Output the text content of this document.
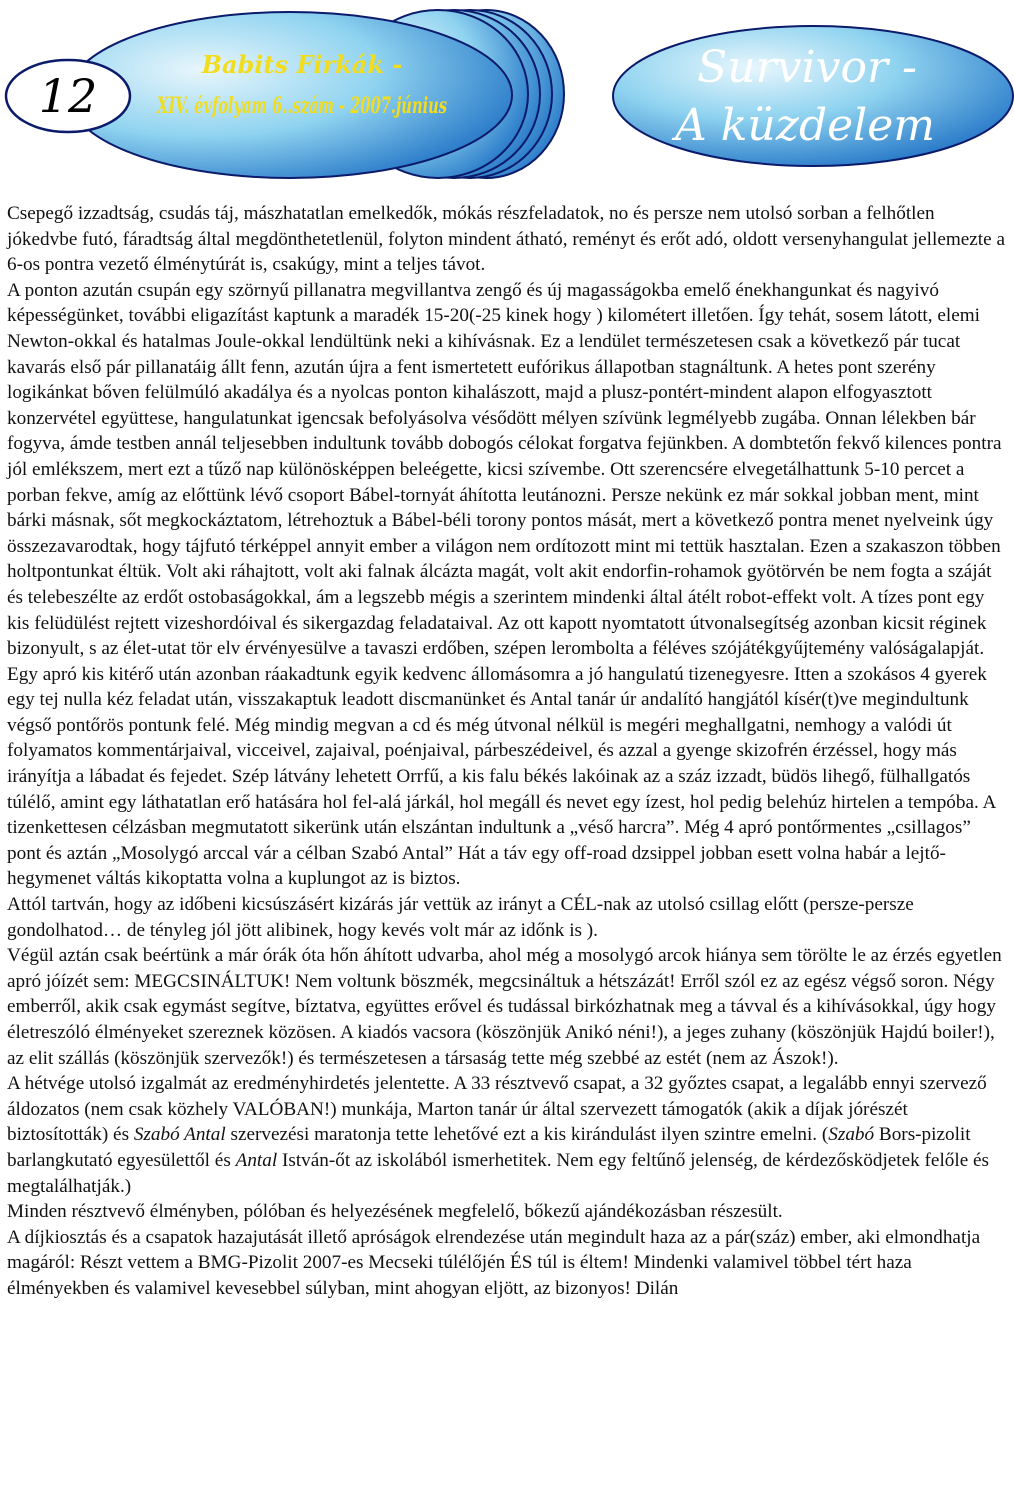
12
Babits Firkák -
XIV. évfolyam 6..szám - 2007.június
Survivor -
A küzdelem

Csepegő izzadtság, csudás táj, mászhatatlan emelkedők, mókás részfeladatok, no és persze nem utolsó sorban a felhőtlen jókedvbe futó, fáradtság által megdönthetetlenül, folyton mindent átható, reményt és erőt adó, oldott versenyhangulat jellemezte a 6-os pontra vezető élménytúrát is, csakúgy, mint a teljes távot.

A ponton azután csupán egy szörnyű pillanatra megvillantva zengő és új magasságokba emelő énekhangunkat és nagyivó képességünket, további eligazítást kaptunk a maradék 15-20(-25 kinek hogy ) kilométert illetően. Így tehát, sosem látott, elemi Newton-okkal és hatalmas Joule-okkal lendültünk neki a kihívásnak. Ez a lendület természetesen csak a következő pár tucat kavarás első pár pillanatáig állt fenn, azután újra a fent ismertetett eufórikus állapotban stagnáltunk. A hetes pont szerény logikánkat bőven felülmúló akadálya és a nyolcas ponton kihalászott, majd a plusz-pontért-mindent alapon elfogyasztott konzervétel együttese, hangulatunkat igencsak befolyásolva vésődött mélyen szívünk legmélyebb zugába. Onnan lélekben bár fogyva, ámde testben annál teljesebben indultunk tovább dobogós célokat forgatva fejünkben. A dombtetőn fekvő kilences pontra jól emlékszem, mert ezt a tűző nap különösképpen beleégette, kicsi szívembe. Ott szerencsére elvegetálhattunk 5-10 percet a porban fekve, amíg az előttünk lévő csoport Bábel-tornyát áhította leutánozni. Persze nekünk ez már sokkal jobban ment, mint bárki másnak, sőt megkockáztatom, létrehoztuk a Bábel-béli torony pontos mását, mert a következő pontra menet nyelveink úgy összezavarodtak, hogy tájfutó térképpel annyit ember a világon nem ordítozott mint mi tettük hasztalan. Ezen a szakaszon többen holtpontunkat éltük. Volt aki ráhajtott, volt aki falnak álcázta magát, volt akit endorfin-rohamok gyötörvén be nem fogta a száját és telebeszélte az erdőt ostobaságokkal, ám a legszebb mégis a szerintem mindenki által átélt robot-effekt volt. A tízes pont egy kis felüdülést rejtett vizeshordóival és sikergazdag feladataival. Az ott kapott nyomtatott útvonalsegítség azonban kicsit réginek bizonyult, s az élet-utat tör elv érvényesülve a tavaszi erdőben, szépen lerombolta a féléves szójátékgyűjtemény valóságalapját. Egy apró kis kitérő után azonban ráakadtunk egyik kedvenc állomásomra a jó hangulatú tizenegyesre. Itten a szokásos 4 gyerek egy tej nulla kéz feladat után, visszakaptuk leadott discmanünket és Antal tanár úr andalító hangjától kísér(t)ve megindultunk végső pontőrös pontunk felé. Még mindig megvan a cd és még útvonal nélkül is megéri meghallgatni, nemhogy a valódi út folyamatos kommentárjaival, vicceivel, zajaival, poénjaival, párbeszédeivel, és azzal a gyenge skizofrén érzéssel, hogy más irányítja a lábadat és fejedet. Szép látvány lehetett Orrfű, a kis falu békés lakóinak az a száz izzadt, büdös lihegő, fülhallgatós túlélő, amint egy láthatatlan erő hatására hol fel-alá járkál, hol megáll és nevet egy ízest, hol pedig belehúz hirtelen a tempóba. A tizenkettesen célzásban megmutatott sikerünk után elszántan indultunk a „véső harcra”. Még 4 apró pontőrmentes „csillagos” pont és aztán „Mosolygó arccal vár a célban Szabó Antal” Hát a táv egy off-road dzsippel jobban esett volna habár a lejtő-hegymenet váltás kikoptatta volna a kuplungot az is biztos.

Attól tartván, hogy az időbeni kicsúszásért kizárás jár vettük az irányt a CÉL-nak az utolsó csillag előtt (persze-persze gondolhatod… de tényleg jól jött alibinek, hogy kevés volt már az időnk is ).

Végül aztán csak beértünk a már órák óta hőn áhított udvarba, ahol még a mosolygó arcok hiánya sem törölte le az érzés egyetlen apró jóízét sem: MEGCSINÁLTUK! Nem voltunk böszmék, megcsináltuk a hétszázát! Erről szól ez az egész végső soron. Négy emberről, akik csak egymást segítve, bíztatva, együttes erővel és tudással birkózhatnak meg a távval és a kihívásokkal, úgy hogy életreszóló élményeket szereznek közösen. A kiadós vacsora (köszönjük Anikó néni!), a jeges zuhany (köszönjük Hajdú boiler!), az elit szállás (köszönjük szervezők!) és természetesen a társaság tette még szebbé az estét (nem az Ászok!).

A hétvége utolsó izgalmát az eredményhirdetés jelentette. A 33 résztvevő csapat, a 32 győztes csapat, a legalább ennyi szervező áldozatos (nem csak közhely VALÓBAN!) munkája, Marton tanár úr által szervezett támogatók (akik a díjak jórészét biztosították) és Szabó Antal szervezési maratonja tette lehetővé ezt a kis kirándulást ilyen szintre emelni. (Szabó Bors-pizolit barlangkutató egyesülettől és Antal István-őt az iskolából ismerhetitek. Nem egy feltűnő jelenség, de kérdezősködjetek felőle és megtalálhatják.)

Minden résztvevő élményben, pólóban és helyezésének megfelelő, bőkezű ajándékozásban részesült.

A díjkiosztás és a csapatok hazajutását illető apróságok elrendezése után megindult haza az a pár(száz) ember, aki elmondhatja magáról: Részt vettem a BMG-Pizolit 2007-es Mecseki túlélőjén ÉS túl is éltem! Mindenki valamivel többel tért haza élményekben és valamivel kevesebbel súlyban, mint ahogyan eljött, az bizonyos! Dilán
